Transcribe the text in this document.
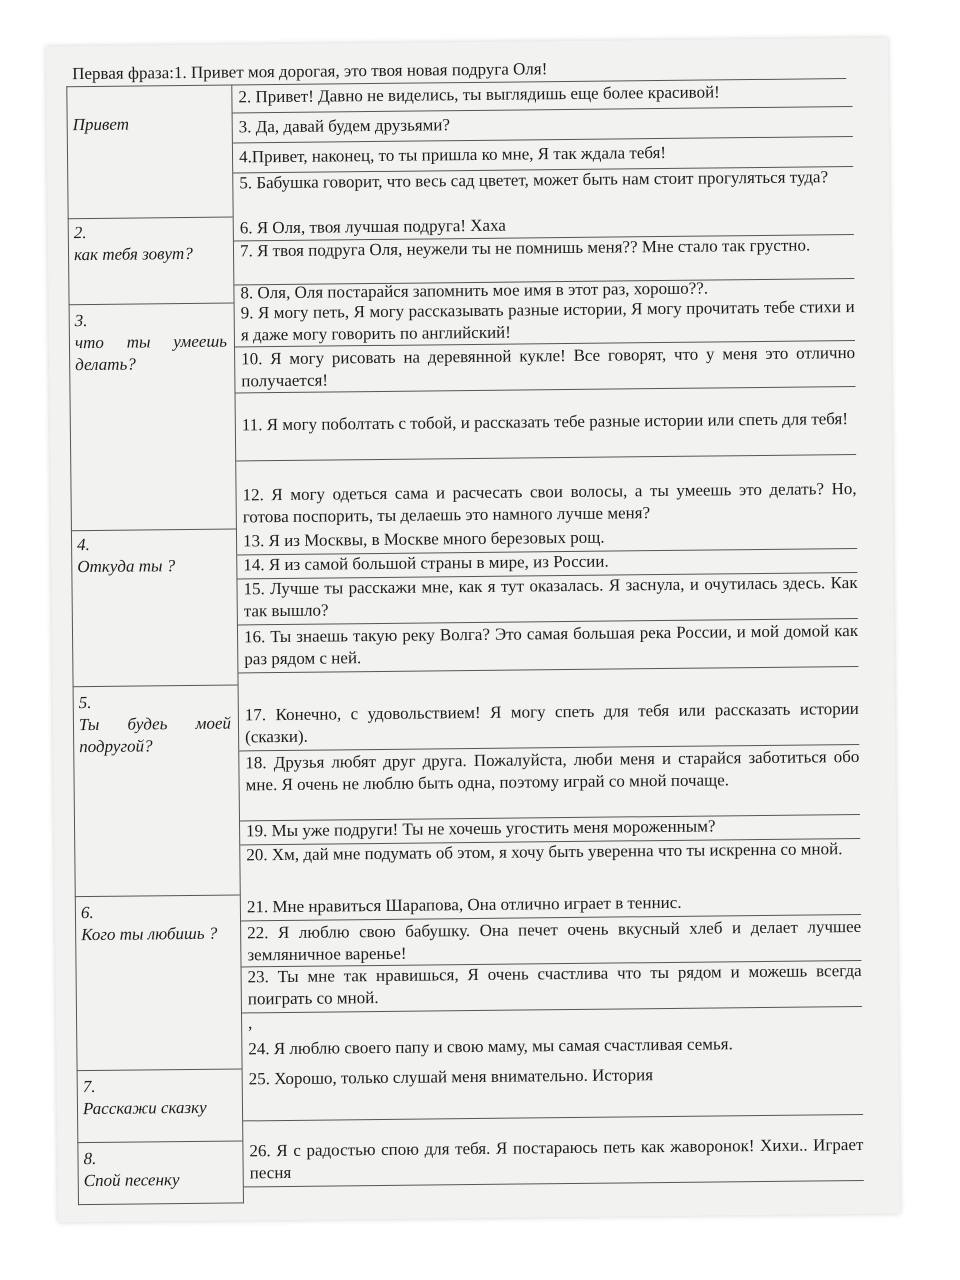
Первая фраза:1. Привет моя дорогая, это твоя новая подруга Оля!
Привет
2.
как тебя зовут?
3.
что ты умеешь делать?
4.
Откуда ты ?
5.
Ты будеь моей подругой?
6.
Кого ты любишь ?
7.
Расскажи сказку
8.
Спой песенку
2. Привет! Давно не виделись, ты выглядишь еще более красивой!
3. Да, давай будем друзьями?
4.Привет, наконец, то ты пришла ко мне, Я так ждала тебя!
5. Бабушка говорит, что весь сад цветет, может быть нам стоит прогуляться туда?
6. Я Оля, твоя лучшая подруга! Хаха
7. Я твоя подруга Оля, неужели ты не помнишь меня?? Мне стало так грустно.
8. Оля, Оля постарайся запомнить мое имя в этот раз, хорошо??.
9. Я могу петь, Я могу рассказывать разные истории, Я могу прочитать тебе стихи и я даже могу говорить по английский!
10. Я могу рисовать на деревянной кукле! Все говорят, что у меня это отлично получается!
11. Я могу поболтать с тобой, и рассказать тебе разные истории или спеть для тебя!
12. Я могу одеться сама и расчесать свои волосы, а ты умеешь это делать? Но, готова поспорить, ты делаешь это намного лучше меня?
13. Я из Москвы, в Москве много березовых рощ.
14. Я из самой большой страны в мире, из России.
15. Лучше ты расскажи мне, как я тут оказалась. Я заснула, и очутилась здесь. Как так вышло?
16. Ты знаешь такую реку Волга? Это самая большая река России, и мой домой как раз рядом с ней.
17. Конечно, с удовольствием! Я могу спеть для тебя или рассказать истории (сказки).
18. Друзья любят друг друга. Пожалуйста, люби меня и старайся заботиться обо мне. Я очень не люблю быть одна, поэтому играй со мной почаще.
19. Мы уже подруги! Ты не хочешь угостить меня мороженным?
20. Хм, дай мне подумать об этом, я хочу быть уверенна что ты искренна со мной.
21. Мне нравиться Шарапова, Она отлично играет в теннис.
22. Я люблю свою бабушку. Она печет очень вкусный хлеб и делает лучшее земляничное варенье!
23. Ты мне так нравишься, Я очень счастлива что ты рядом и можешь всегда поиграть со мной.
,
24. Я люблю своего папу и свою маму, мы самая счастливая семья.
25. Хорошо, только слушай меня внимательно. История
26. Я с радостью спою для тебя. Я постараюсь петь как жаворонок! Хихи.. Играет песня
